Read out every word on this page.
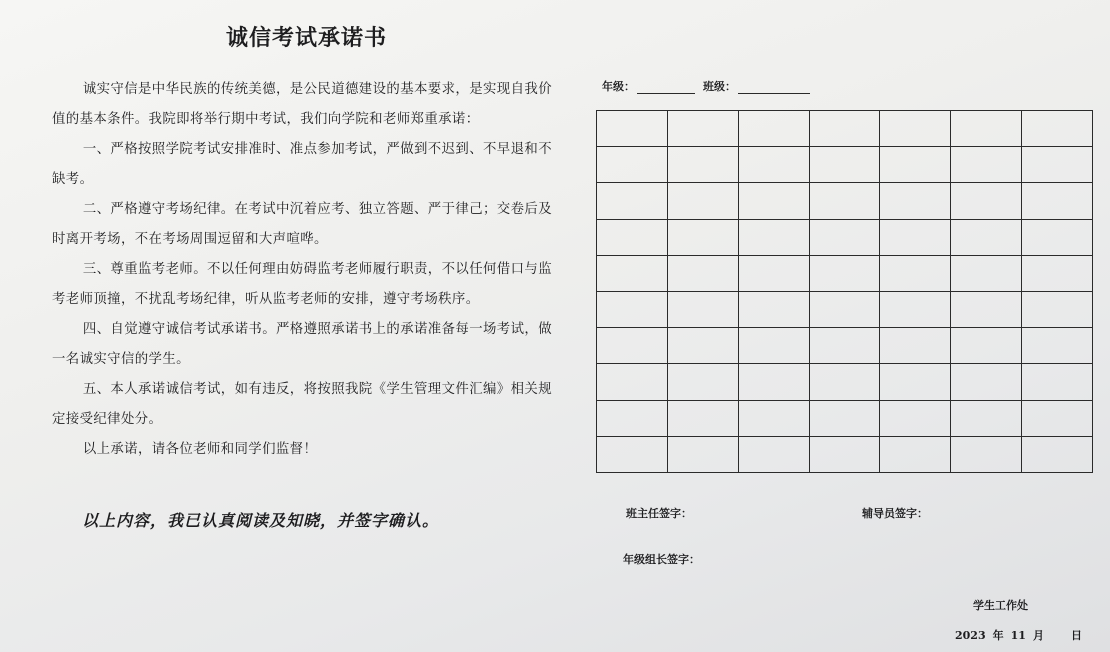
诚信考试承诺书

诚实守信是中华民族的传统美德，是公民道德建设的基本要求，是实现自我价值的基本条件。我院即将举行期中考试，我们向学院和老师郑重承诺：

一、严格按照学院考试安排准时、准点参加考试，严做到不迟到、不早退和不缺考。

二、严格遵守考场纪律。在考试中沉着应考、独立答题、严于律己；交卷后及时离开考场，不在考场周围逗留和大声喧哗。

三、尊重监考老师。不以任何理由妨碍监考老师履行职责，不以任何借口与监考老师顶撞，不扰乱考场纪律，听从监考老师的安排，遵守考场秩序。

四、自觉遵守诚信考试承诺书。严格遵照承诺书上的承诺准备每一场考试，做一名诚实守信的学生。

五、本人承诺诚信考试，如有违反，将按照我院《学生管理文件汇编》相关规定接受纪律处分。

以上承诺，请各位老师和同学们监督！

以上内容，我已认真阅读及知晓，并签字确认。
年级：	班级：

班主任签字：	辅导员签字：
年级组长签字：
学生工作处
2023 年 11 月 日
